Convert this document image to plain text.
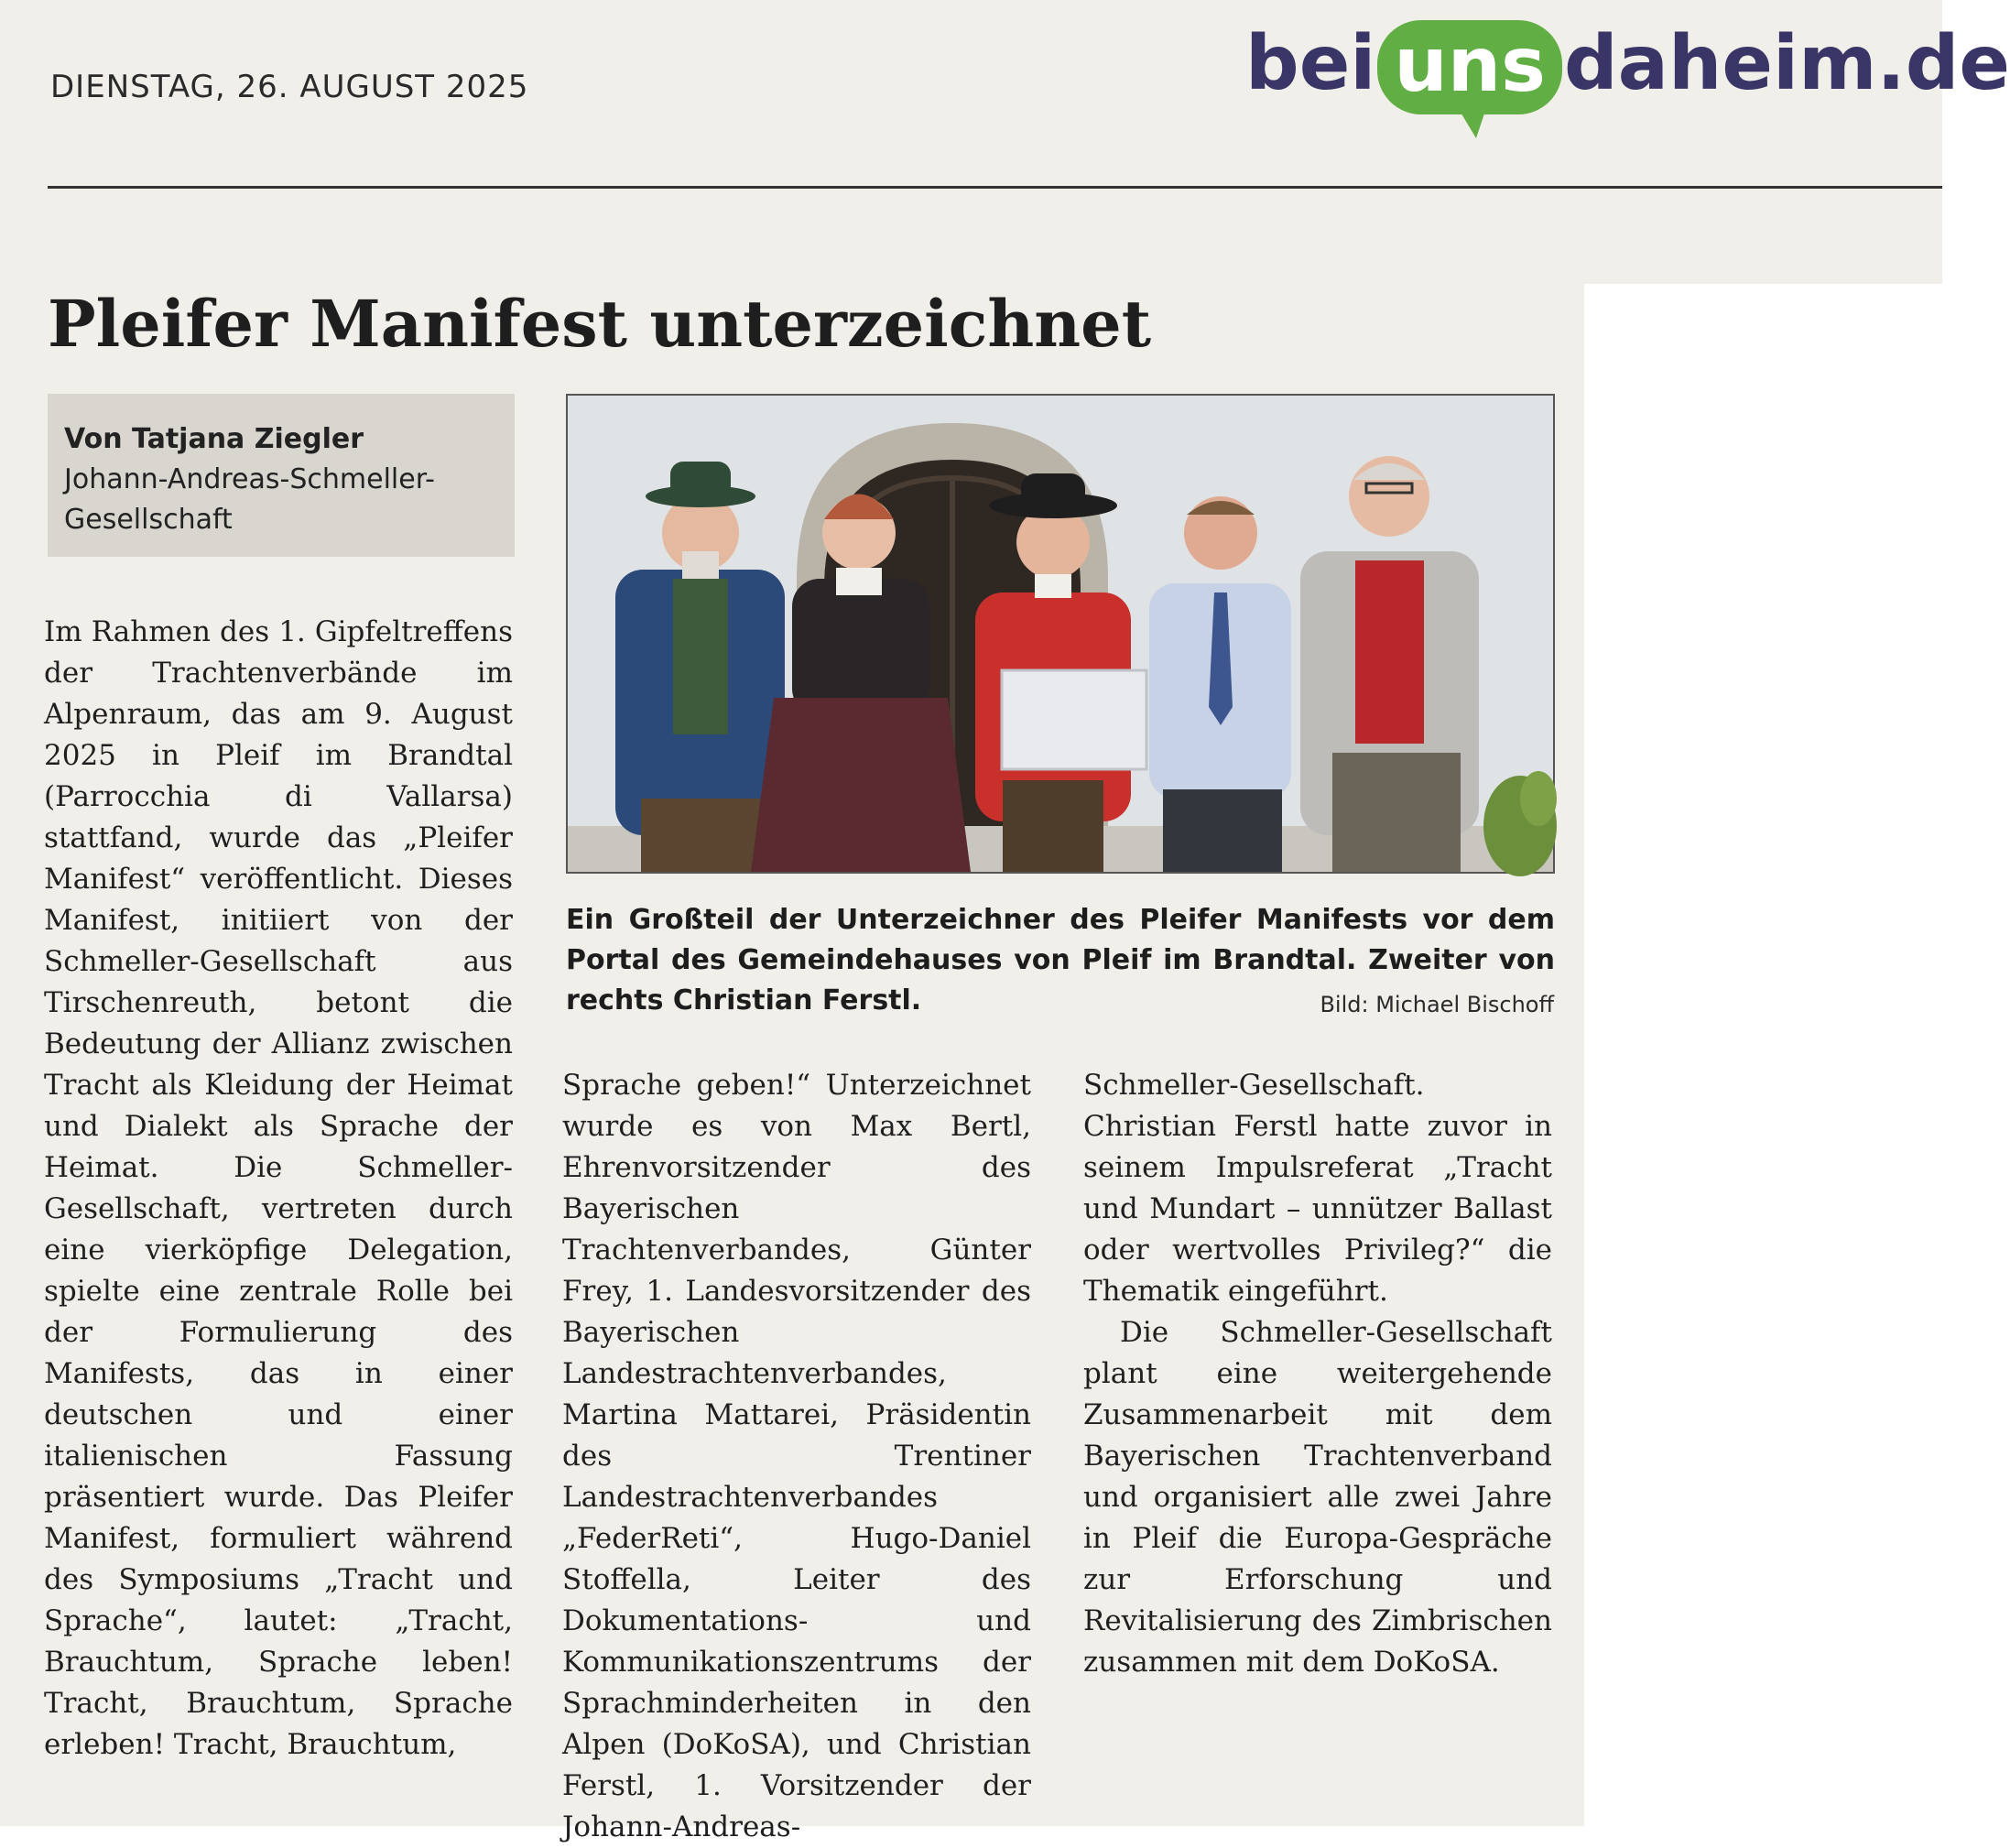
DIENSTAG, 26. AUGUST 2025	bei uns daheim.de
Pleifer Manifest unterzeichnet
Von Tatjana Ziegler
Johann-Andreas-Schmeller-Gesellschaft

Im Rahmen des 1. Gipfeltreffens der Trachtenverbände im Alpenraum, das am 9. August 2025 in Pleif im Brandtal (Parrocchia di Vallarsa) stattfand, wurde das „Pleifer Manifest“ veröffentlicht. Dieses Manifest, initiiert von der Schmeller-Gesellschaft aus Tirschenreuth, betont die Bedeutung der Allianz zwischen Tracht als Kleidung der Heimat und Dialekt als Sprache der Heimat. Die Schmeller-Gesellschaft, vertreten durch eine vierköpfige Delegation, spielte eine zentrale Rolle bei der Formulierung des Manifests, das in einer deutschen und einer italienischen Fassung präsentiert wurde. Das Pleifer Manifest, formuliert während des Symposiums „Tracht und Sprache“, lautet: „Tracht, Brauchtum, Sprache leben! Tracht, Brauchtum, Sprache erleben! Tracht, Brauchtum,

Ein Großteil der Unterzeichner des Pleifer Manifests vor dem Portal des Gemeindehauses von Pleif im Brandtal. Zweiter von rechts Christian Ferstl.	Bild: Michael Bischoff

Sprache geben!“ Unterzeichnet wurde es von Max Bertl, Ehrenvorsitzender des Bayerischen Trachtenverbandes, Günter Frey, 1. Landesvorsitzender des Bayerischen Landestrachtenverbandes, Martina Mattarei, Präsidentin des Trentiner Landestrachtenverbandes „FederReti“, Hugo-Daniel Stoffella, Leiter des Dokumentations- und Kommunikationszentrums der Sprachminderheiten in den Alpen (DoKoSA), und Christian Ferstl, 1. Vorsitzender der Johann-Andreas-

Schmeller-Gesellschaft. Christian Ferstl hatte zuvor in seinem Impulsreferat „Tracht und Mundart – unnützer Ballast oder wertvolles Privileg?“ die Thematik eingeführt.

Die Schmeller-Gesellschaft plant eine weitergehende Zusammenarbeit mit dem Bayerischen Trachtenverband und organisiert alle zwei Jahre in Pleif die Europa-Gespräche zur Erforschung und Revitalisierung des Zimbrischen zusammen mit dem DoKoSA.
